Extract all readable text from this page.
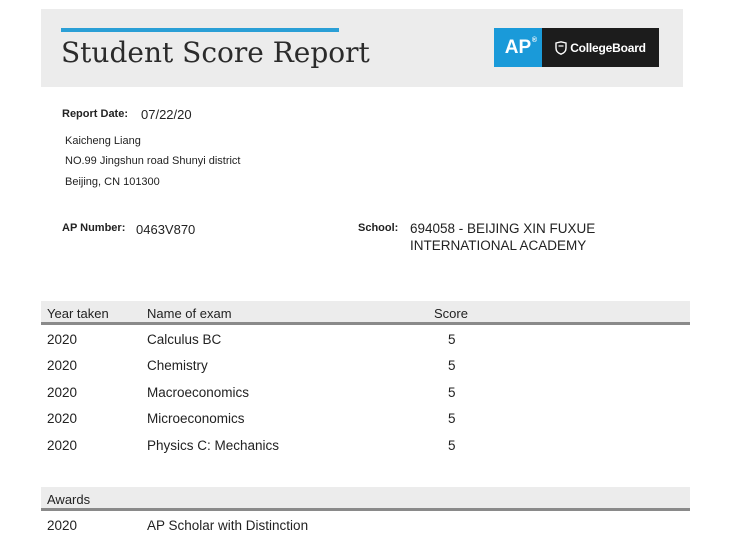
Student Score Report	AP ®	CollegeBoard
Report Date: 07/22/20
Kaicheng Liang
NO.99 Jingshun road Shunyi district
Beijing, CN 101300
AP Number: 0463V870	School: 694058 - BEIJING XIN FUXUE
INTERNATIONAL ACADEMY
Year taken	Name of exam	Score
2020	Calculus BC	5
2020	Chemistry	5
2020	Macroeconomics	5
2020	Microeconomics	5
2020	Physics C: Mechanics	5
Awards
2020	AP Scholar with Distinction
